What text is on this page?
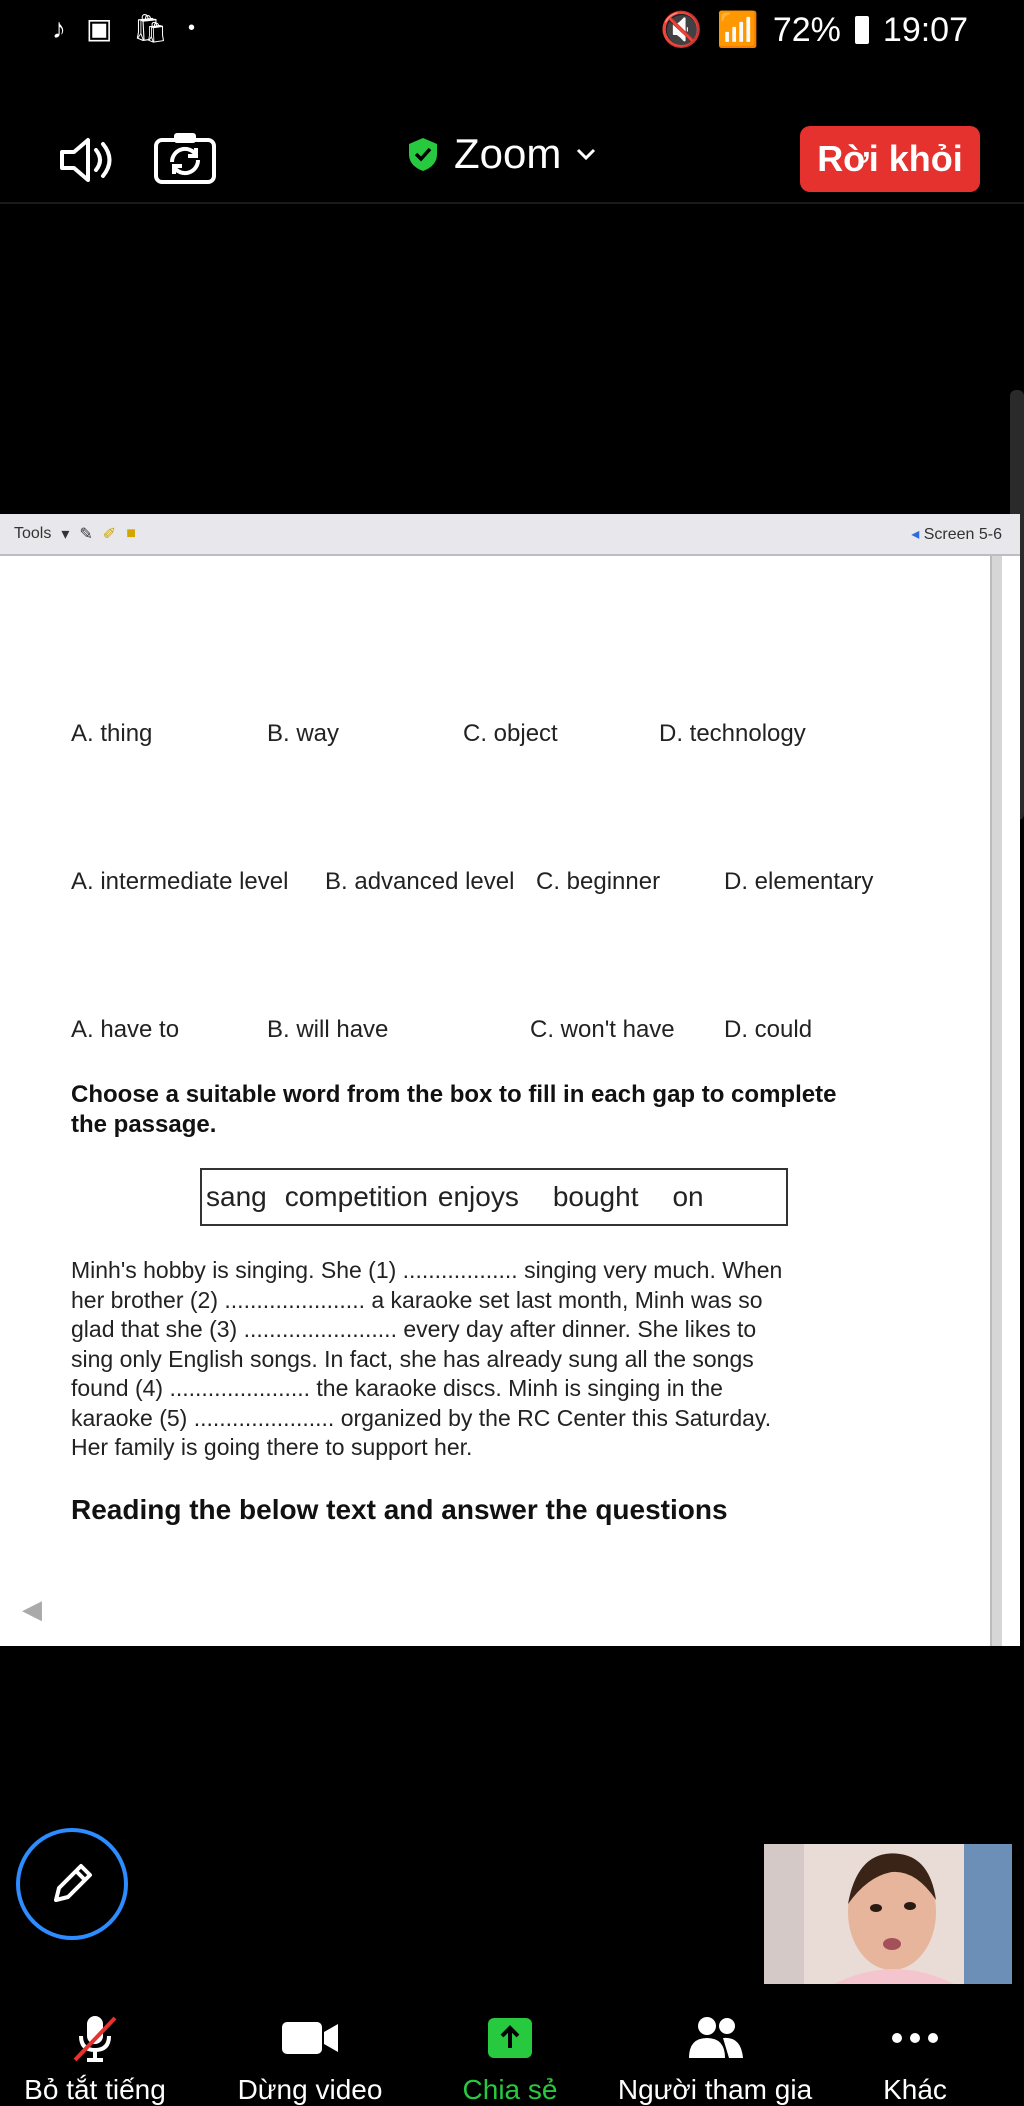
♪ ▣ 🛍 •	🔇 📶 72% 19:07
Zoom	Rời khỏi
Tools ▾ ✎ ✐ ■	◂ Screen 5-6
32.The Internet is a very convenient................................ for me to get
information.
A. thing	B. way	C. object	D. technology
34.They are new to English, so they attend a class for
..............................
A. intermediate level B. advanced level C. beginner	D. elementary
35.If you want to attend the course, you .........................pass this
examination.
A. have to	B. will have	C. won't have D. could
Choose a suitable word from the box to fill in each gap to complete
the passage.
sang competition enjoys bought on
Minh's hobby is singing. She (1) .................. singing very much. When
her brother (2) ...................... a karaoke set last month, Minh was so
glad that she (3) ........................ every day after dinner. She likes to
sing only English songs. In fact, she has already sung all the songs
found (4) ...................... the karaoke discs. Minh is singing in the
karaoke (5) ...................... organized by the RC Center this Saturday.
Her family is going there to support her.
Reading the below text and answer the questions
◀
Bỏ tắt tiếng	Dừng video	Chia sẻ	Người tham gia	Khác
